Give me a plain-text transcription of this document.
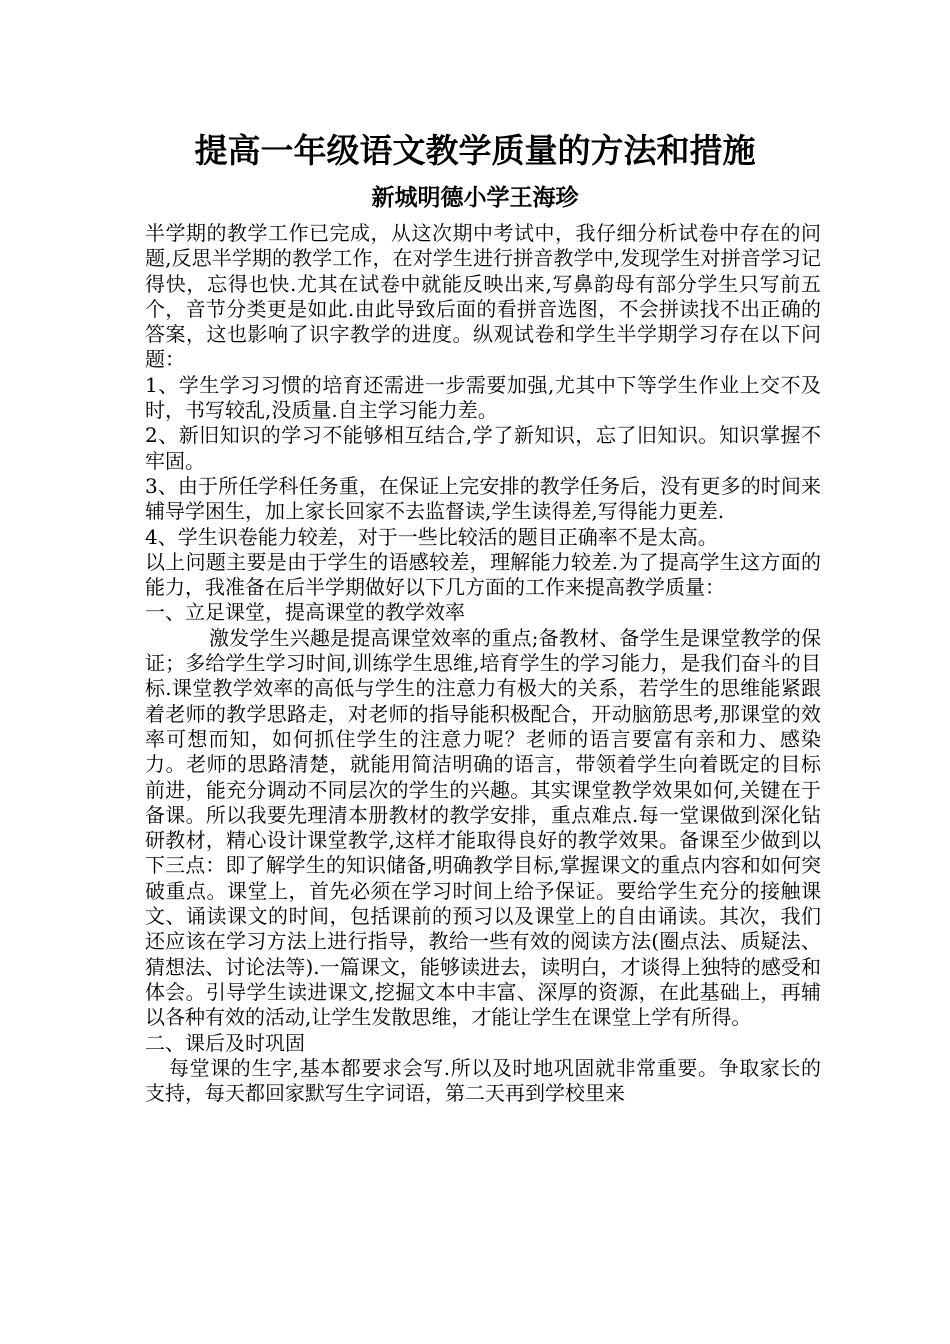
提高一年级语文教学质量的方法和措施
新城明德小学王海珍

半学期的教学工作已完成，从这次期中考试中，我仔细分析试卷中存在的问题,反思半学期的教学工作，在对学生进行拼音教学中,发现学生对拼音学习记得快，忘得也快.尤其在试卷中就能反映出来,写鼻韵母有部分学生只写前五个，音节分类更是如此.由此导致后面的看拼音选图，不会拼读找不出正确的答案，这也影响了识字教学的进度。纵观试卷和学生半学期学习存在以下问题：

1、学生学习习惯的培育还需进一步需要加强,尤其中下等学生作业上交不及时，书写较乱,没质量.自主学习能力差。

2、新旧知识的学习不能够相互结合,学了新知识，忘了旧知识。知识掌握不牢固。

3、由于所任学科任务重，在保证上完安排的教学任务后，没有更多的时间来辅导学困生，加上家长回家不去监督读,学生读得差,写得能力更差.

4、学生识卷能力较差，对于一些比较活的题目正确率不是太高。

以上问题主要是由于学生的语感较差，理解能力较差.为了提高学生这方面的能力，我准备在后半学期做好以下几方面的工作来提高教学质量：

一、立足课堂，提高课堂的教学效率

激发学生兴趣是提高课堂效率的重点;备教材、备学生是课堂教学的保证；多给学生学习时间,训练学生思维,培育学生的学习能力，是我们奋斗的目标.课堂教学效率的高低与学生的注意力有极大的关系，若学生的思维能紧跟着老师的教学思路走，对老师的指导能积极配合，开动脑筋思考,那课堂的效率可想而知，如何抓住学生的注意力呢？老师的语言要富有亲和力、感染力。老师的思路清楚，就能用简洁明确的语言，带领着学生向着既定的目标前进，能充分调动不同层次的学生的兴趣。其实课堂教学效果如何,关键在于备课。所以我要先理清本册教材的教学安排，重点难点.每一堂课做到深化钻研教材，精心设计课堂教学,这样才能取得良好的教学效果。备课至少做到以下三点：即了解学生的知识储备,明确教学目标,掌握课文的重点内容和如何突破重点。课堂上，首先必须在学习时间上给予保证。要给学生充分的接触课文、诵读课文的时间，包括课前的预习以及课堂上的自由诵读。其次，我们还应该在学习方法上进行指导，教给一些有效的阅读方法(圈点法、质疑法、猜想法、讨论法等).一篇课文，能够读进去，读明白，才谈得上独特的感受和体会。引导学生读进课文,挖掘文本中丰富、深厚的资源，在此基础上，再辅以各种有效的活动,让学生发散思维，才能让学生在课堂上学有所得。

二、课后及时巩固

每堂课的生字,基本都要求会写.所以及时地巩固就非常重要。争取家长的支持，每天都回家默写生字词语，第二天再到学校里来
